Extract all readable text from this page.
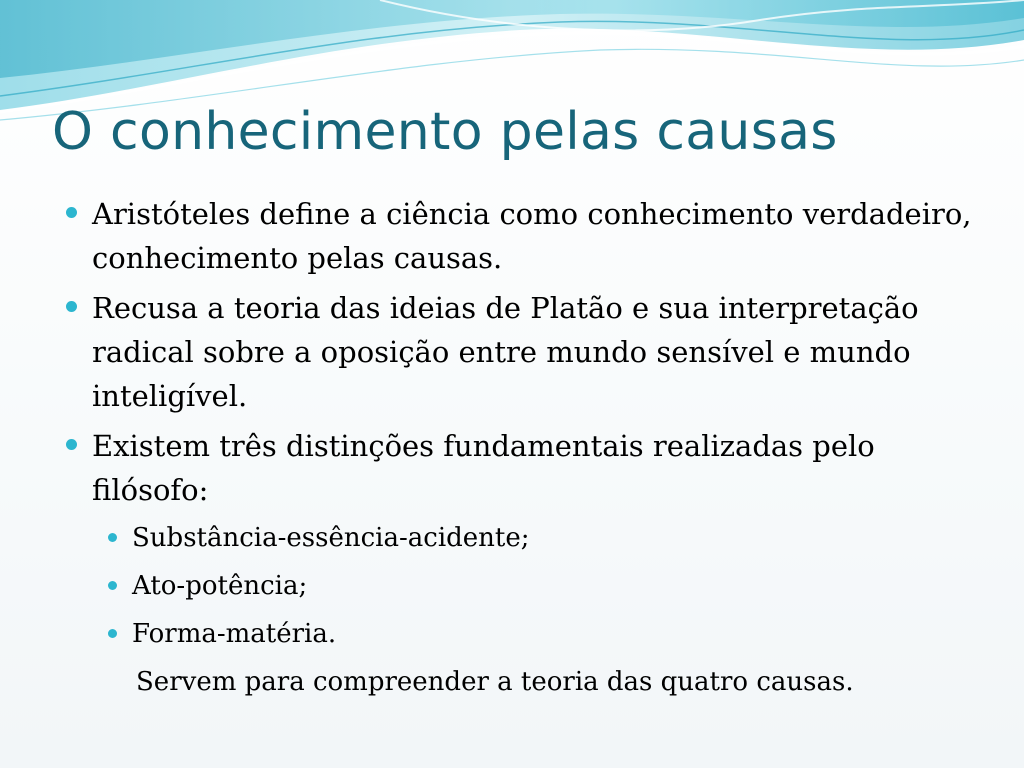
O conhecimento pelas causas
Aristóteles define a ciência como conhecimento verdadeiro, conhecimento pelas causas.
Recusa a teoria das ideias de Platão e sua interpretação radical sobre a oposição entre mundo sensível e mundo inteligível.
Existem três distinções fundamentais realizadas pelo filósofo:
Substância-essência-acidente;
Ato-potência;
Forma-matéria.
Servem para compreender a teoria das quatro causas.
